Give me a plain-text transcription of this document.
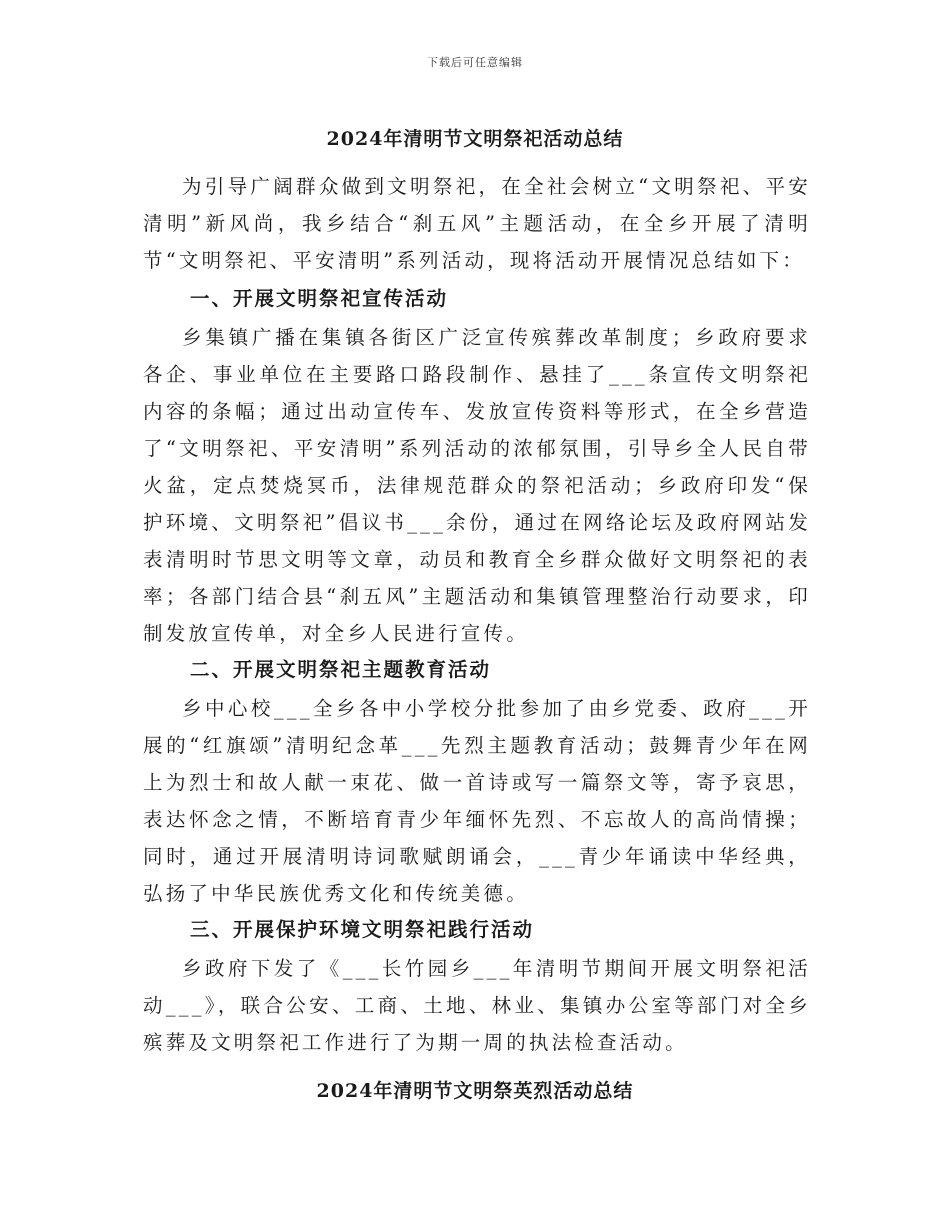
下载后可任意编辑
2024年清明节文明祭祀活动总结

为引导广阔群众做到文明祭祀，在全社会树立“文明祭祀、平安清明”新风尚，我乡结合“刹五风”主题活动，在全乡开展了清明节“文明祭祀、平安清明”系列活动，现将活动开展情况总结如下：

一、开展文明祭祀宣传活动

乡集镇广播在集镇各街区广泛宣传殡葬改革制度；乡政府要求各企、事业单位在主要路口路段制作、悬挂了___条宣传文明祭祀内容的条幅；通过出动宣传车、发放宣传资料等形式，在全乡营造了“文明祭祀、平安清明”系列活动的浓郁氛围，引导乡全人民自带火盆，定点焚烧冥币，法律规范群众的祭祀活动；乡政府印发“保护环境、文明祭祀”倡议书___余份，通过在网络论坛及政府网站发表清明时节思文明等文章，动员和教育全乡群众做好文明祭祀的表率；各部门结合县“刹五风”主题活动和集镇管理整治行动要求，印制发放宣传单，对全乡人民进行宣传。

二、开展文明祭祀主题教育活动

乡中心校___全乡各中小学校分批参加了由乡党委、政府___开展的“红旗颂”清明纪念革___先烈主题教育活动；鼓舞青少年在网上为烈士和故人献一束花、做一首诗或写一篇祭文等，寄予哀思，表达怀念之情，不断培育青少年缅怀先烈、不忘故人的高尚情操；同时，通过开展清明诗词歌赋朗诵会，___青少年诵读中华经典，弘扬了中华民族优秀文化和传统美德。

三、开展保护环境文明祭祀践行活动

乡政府下发了《___长竹园乡___年清明节期间开展文明祭祀活动___》，联合公安、工商、土地、林业、集镇办公室等部门对全乡殡葬及文明祭祀工作进行了为期一周的执法检查活动。

2024年清明节文明祭英烈活动总结
